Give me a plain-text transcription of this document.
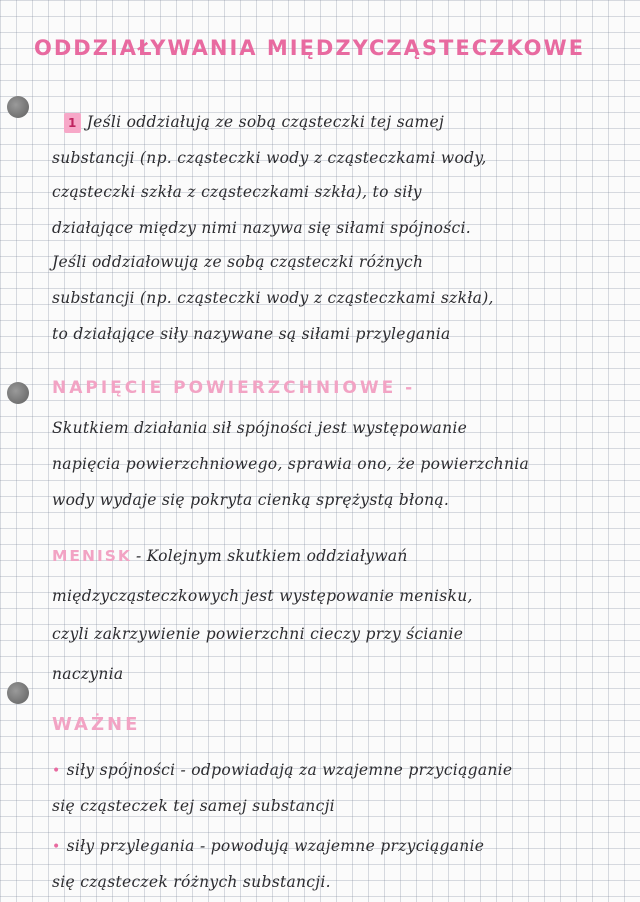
ODDZIAŁYWANIA MIĘDZYCZĄSTECZKOWE
1 Jeśli oddziałują ze sobą cząsteczki tej samej
substancji (np. cząsteczki wody z cząsteczkami wody,
cząsteczki szkła z cząsteczkami szkła), to siły
działające między nimi nazywa się siłami spójności.
Jeśli oddziałowują ze sobą cząsteczki różnych
substancji (np. cząsteczki wody z cząsteczkami szkła),
to działające siły nazywane są siłami przylegania
NAPIĘCIE POWIERZCHNIOWE -
Skutkiem działania sił spójności jest występowanie
napięcia powierzchniowego, sprawia ono, że powierzchnia
wody wydaje się pokryta cienką sprężystą błoną.
MENISK - Kolejnym skutkiem oddziaływań
międzycząsteczkowych jest występowanie menisku,
czyli zakrzywienie powierzchni cieczy przy ścianie
naczynia
WAŻNE
• siły spójności - odpowiadają za wzajemne przyciąganie
się cząsteczek tej samej substancji
• siły przylegania - powodują wzajemne przyciąganie
się cząsteczek różnych substancji.
